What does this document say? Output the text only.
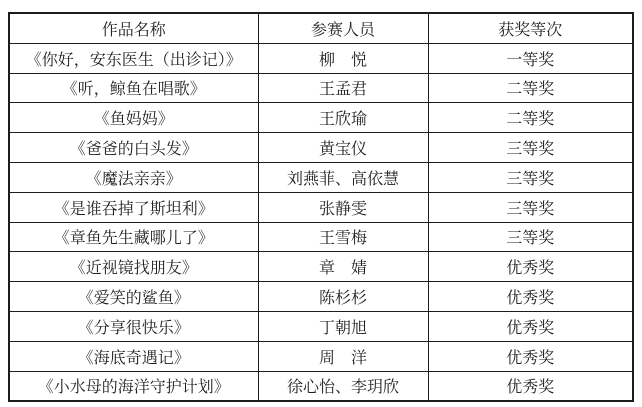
作品名称	参赛人员	获奖等次
《你好，安东医生（出诊记）》	柳　悦	一等奖
《听，鲸鱼在唱歌》	王孟君	二等奖
《鱼妈妈》	王欣瑜	二等奖
《爸爸的白头发》	黄宝仪	三等奖
《魔法亲亲》	刘燕菲、高依慧	三等奖
《是谁吞掉了斯坦利》	张静雯	三等奖
《章鱼先生藏哪儿了》	王雪梅	三等奖
《近视镜找朋友》	章　婧	优秀奖
《爱笑的鲨鱼》	陈杉杉	优秀奖
《分享很快乐》	丁朝旭	优秀奖
《海底奇遇记》	周　洋	优秀奖
《小水母的海洋守护计划》	徐心怡、李玥欣	优秀奖
